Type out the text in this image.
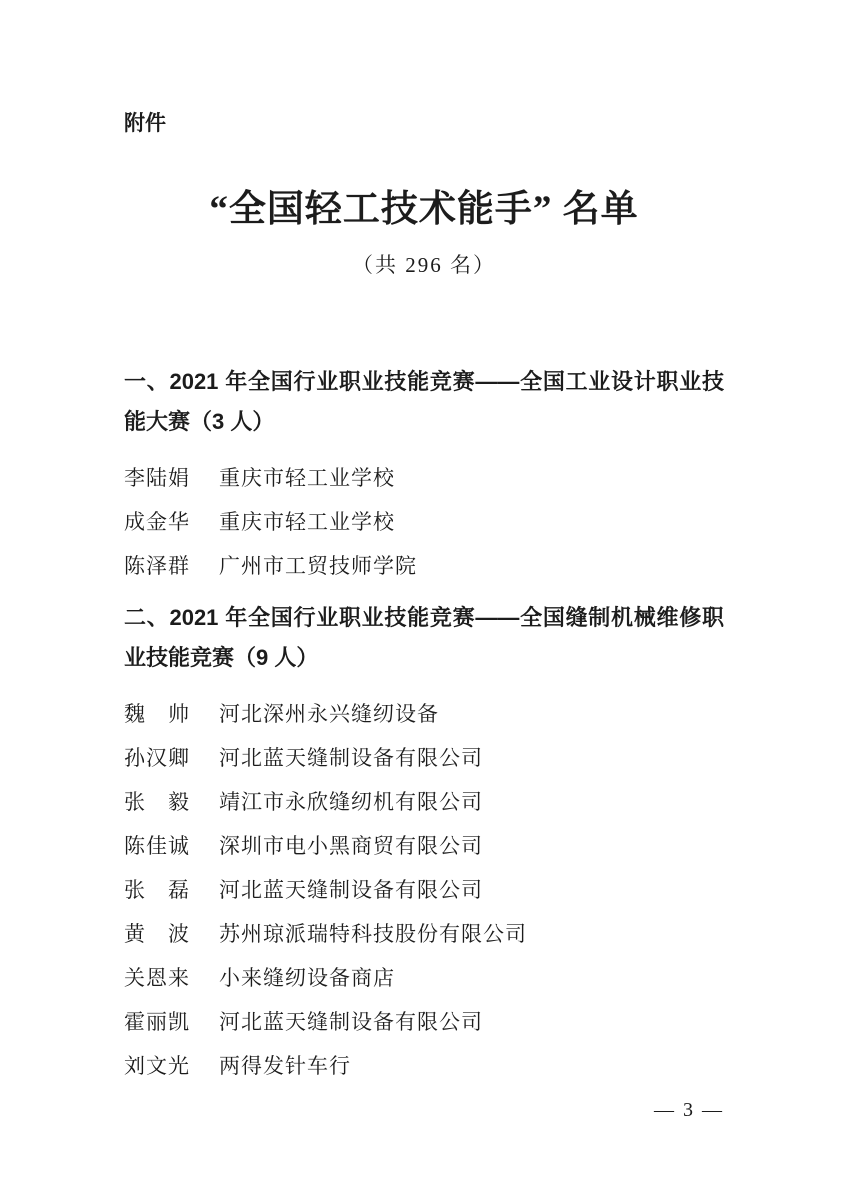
附件
“全国轻工技术能手” 名单
（共 296 名）
一、2021 年全国行业职业技能竞赛——全国工业设计职业技能大赛（3 人）
李陆娟	重庆市轻工业学校
成金华	重庆市轻工业学校
陈泽群	广州市工贸技师学院
二、2021 年全国行业职业技能竞赛——全国缝制机械维修职业技能竞赛（9 人）
魏　帅	河北深州永兴缝纫设备
孙汉卿	河北蓝天缝制设备有限公司
张　毅	靖江市永欣缝纫机有限公司
陈佳诚	深圳市电小黑商贸有限公司
张　磊	河北蓝天缝制设备有限公司
黄　波	苏州琼派瑞特科技股份有限公司
关恩来	小来缝纫设备商店
霍丽凯	河北蓝天缝制设备有限公司
刘文光	两得发针车行
— 3 —
